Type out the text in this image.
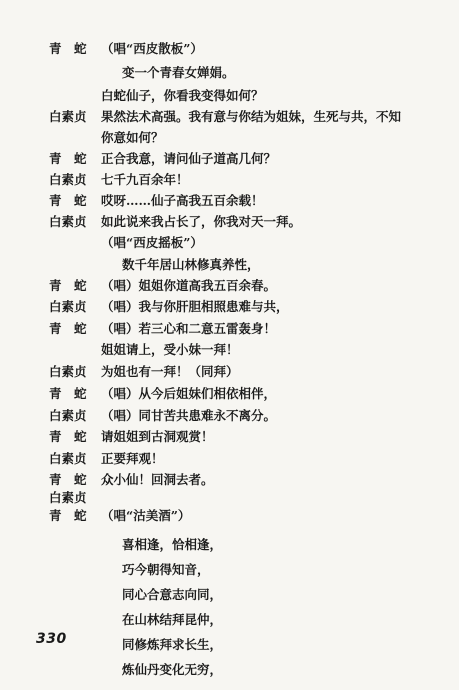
青　蛇	（唱“西皮散板”）
变一个青春女婵娟。
白蛇仙子，你看我变得如何？
白素贞	果然法术高强。我有意与你结为姐妹，生死与共，不知
你意如何？
青　蛇	正合我意，请问仙子道高几何？
白素贞	七千九百余年！
青　蛇	哎呀……仙子高我五百余载！
白素贞	如此说来我占长了，你我对天一拜。
（唱“西皮摇板”）
数千年居山林修真养性，
青　蛇	（唱）姐姐你道高我五百余春。
白素贞	（唱）我与你肝胆相照患难与共，
青　蛇	（唱）若三心和二意五雷轰身！
姐姐请上，受小妹一拜！
白素贞	为姐也有一拜！（同拜）
青　蛇	（唱）从今后姐妹们相依相伴，
白素贞	（唱）同甘苦共患难永不离分。
青　蛇	请姐姐到古洞观赏！
白素贞	正要拜观！
青　蛇	众小仙！回洞去者。
白素贞
青　蛇	（唱“沽美酒”）
喜相逢，恰相逢，
巧今朝得知音，
同心合意志向同，
在山林结拜昆仲，
同修炼拜求长生，
炼仙丹变化无穷，
330
